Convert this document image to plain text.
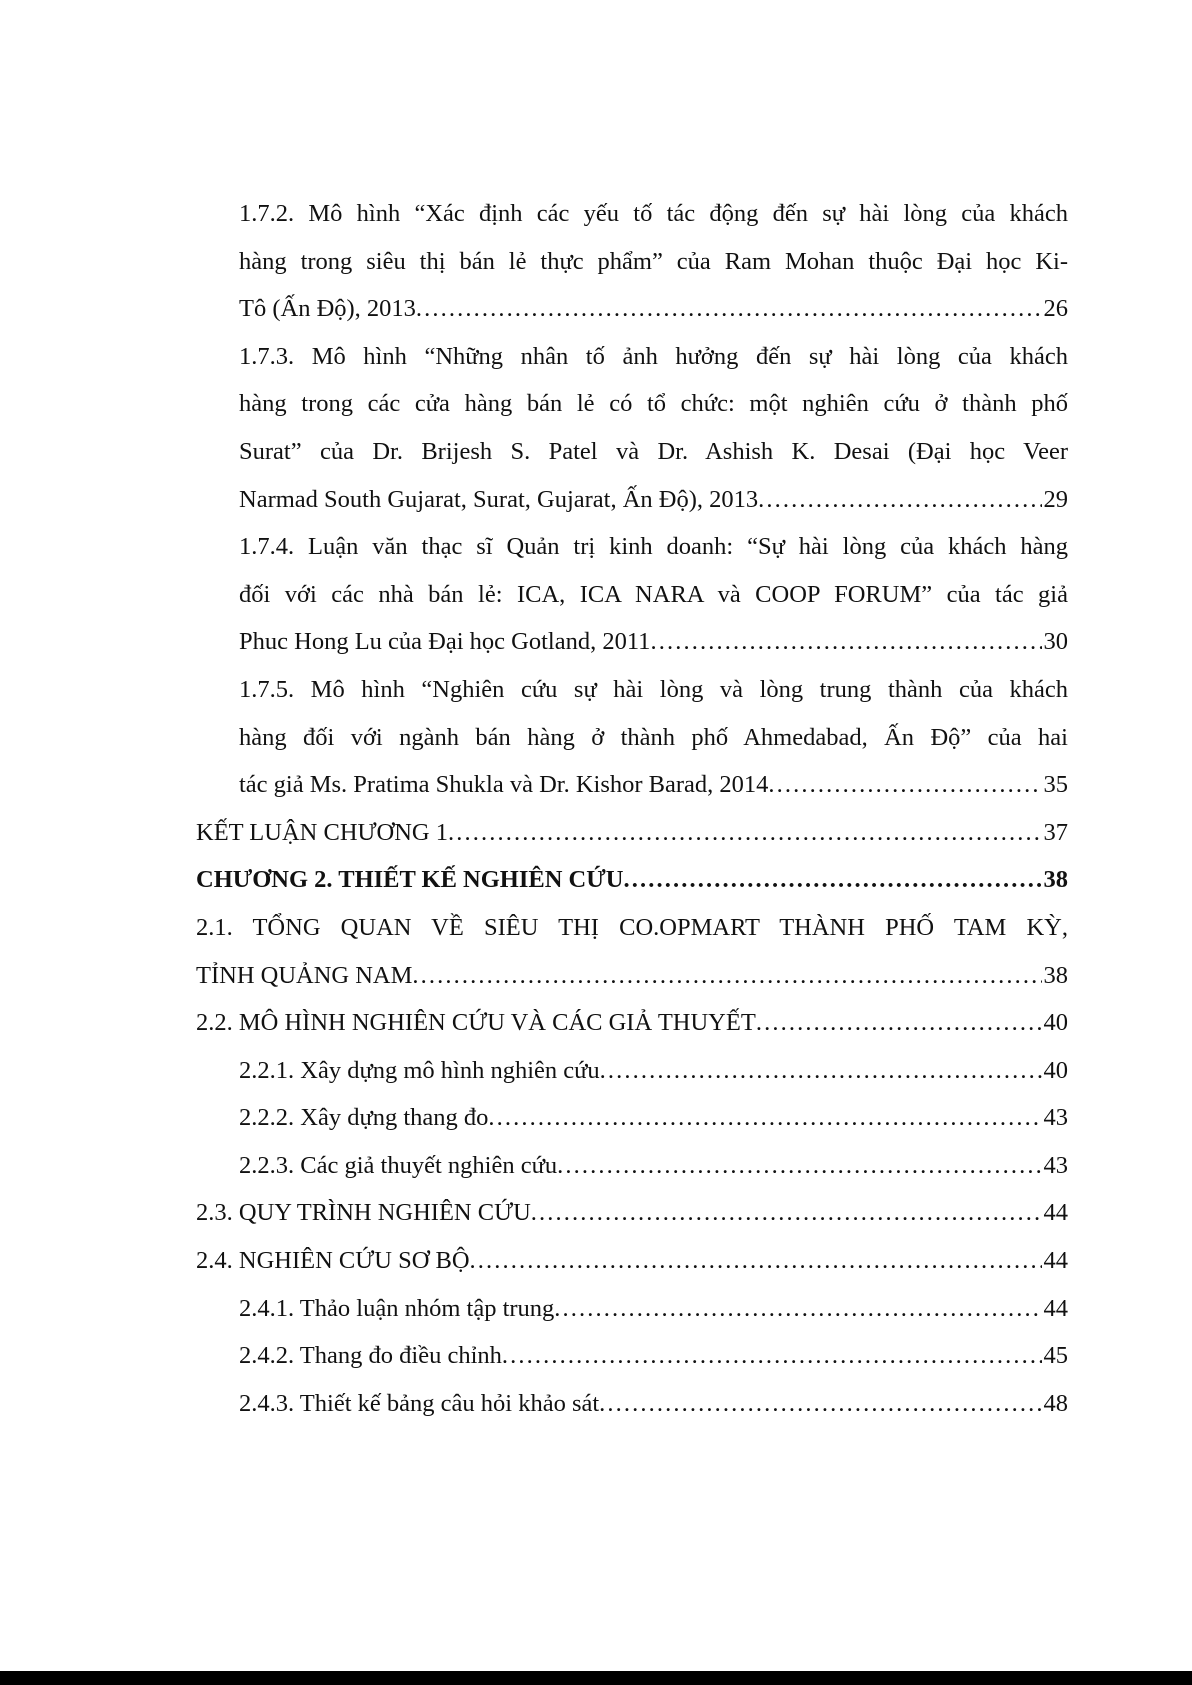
1.7.2. Mô hình “Xác định các yếu tố tác động đến sự hài lòng của khách
hàng trong siêu thị bán lẻ thực phẩm” của Ram Mohan thuộc Đại học Ki-
Tô (Ấn Độ), 2013 . . .	26
1.7.3. Mô hình “Những nhân tố ảnh hưởng đến sự hài lòng của khách
hàng trong các cửa hàng bán lẻ có tổ chức: một nghiên cứu ở thành phố
Surat” của Dr. Brijesh S. Patel và Dr. Ashish K. Desai (Đại học Veer
Narmad South Gujarat, Surat, Gujarat, Ấn Độ), 2013 . . .	29
1.7.4. Luận văn thạc sĩ Quản trị kinh doanh: “Sự hài lòng của khách hàng
đối với các nhà bán lẻ: ICA, ICA NARA và COOP FORUM” của tác giả
Phuc Hong Lu của Đại học Gotland, 2011 . . .	30
1.7.5. Mô hình “Nghiên cứu sự hài lòng và lòng trung thành của khách
hàng đối với ngành bán hàng ở thành phố Ahmedabad, Ấn Độ” của hai
tác giả Ms. Pratima Shukla và Dr. Kishor Barad, 2014 . . .	35
KẾT LUẬN CHƯƠNG 1 . . .	37
CHƯƠNG 2. THIẾT KẾ NGHIÊN CỨU . . .	38
2.1. TỔNG QUAN VỀ SIÊU THỊ CO.OPMART THÀNH PHỐ TAM KỲ,
TỈNH QUẢNG NAM . . .	38
2.2. MÔ HÌNH NGHIÊN CỨU VÀ CÁC GIẢ THUYẾT . . .	40
2.2.1. Xây dựng mô hình nghiên cứu . . .	40
2.2.2. Xây dựng thang đo . . .	43
2.2.3. Các giả thuyết nghiên cứu . . .	43
2.3. QUY TRÌNH NGHIÊN CỨU . . .	44
2.4. NGHIÊN CỨU SƠ BỘ . . .	44
2.4.1. Thảo luận nhóm tập trung . . .	44
2.4.2. Thang đo điều chỉnh . . .	45
2.4.3. Thiết kế bảng câu hỏi khảo sát . . .	48
